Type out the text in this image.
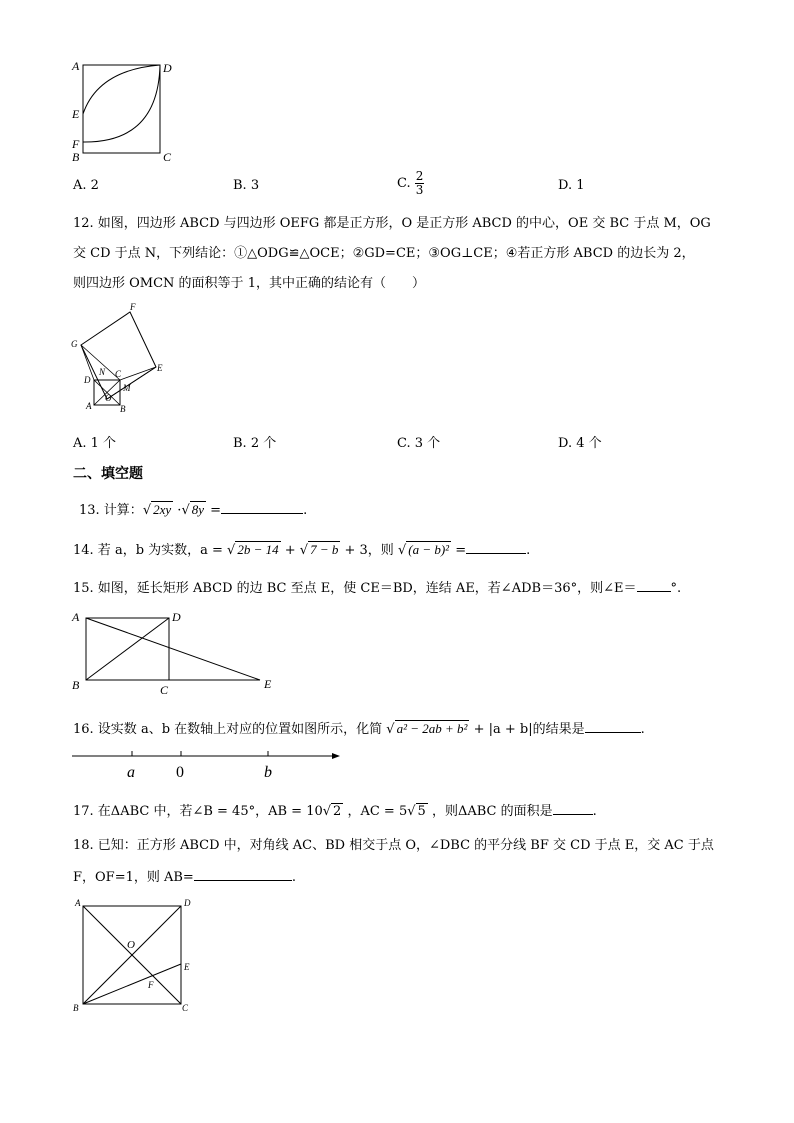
A	D
E
F
B	C
A. 2	B. 3	C. $\frac{2}{3}$	D. 1
12. 如图，四边形 ABCD 与四边形 OEFG 都是正方形，O 是正方形 ABCD 的中心，OE 交 BC 于点 M，OG
交 CD 于点 N，下列结论：①△ODG≌△OCE；②GD=CE；③OG⊥CE；④若正方形 ABCD 的边长为 2，
则四边形 OMCN 的面积等于 1，其中正确的结论有（　　）
F
G
E
N C
D
M
O
A	B
A. 1 个	B. 2 个	C. 3 个	D. 4 个
二、填空题
13. 计算：√ 2xy ·√ 8y =	.
14. 若 a，b 为实数，a = √ 2b − 14 + √ 7 − b + 3，则 √ (a − b)² =	.
15. 如图，延长矩形 ABCD 的边 BC 至点 E，使 CE＝BD，连结 AE，若∠ADB＝36°，则∠E＝	°.
A	D
B	C	E
16. 设实数 a、b 在数轴上对应的位置如图所示，化简 √ a² − 2ab + b² + |a + b|的结果是	.
a	0	b
17. 在ΔABC 中，若∠B = 45°，AB = 10√ 2 ，AC = 5√ 5 ，则ΔABC 的面积是	.
18. 已知：正方形 ABCD 中，对角线 AC、BD 相交于点 O，∠DBC 的平分线 BF 交 CD 于点 E，交 AC 于点
F，OF=1，则 AB=	.
A	D
O
E
F
B	C
